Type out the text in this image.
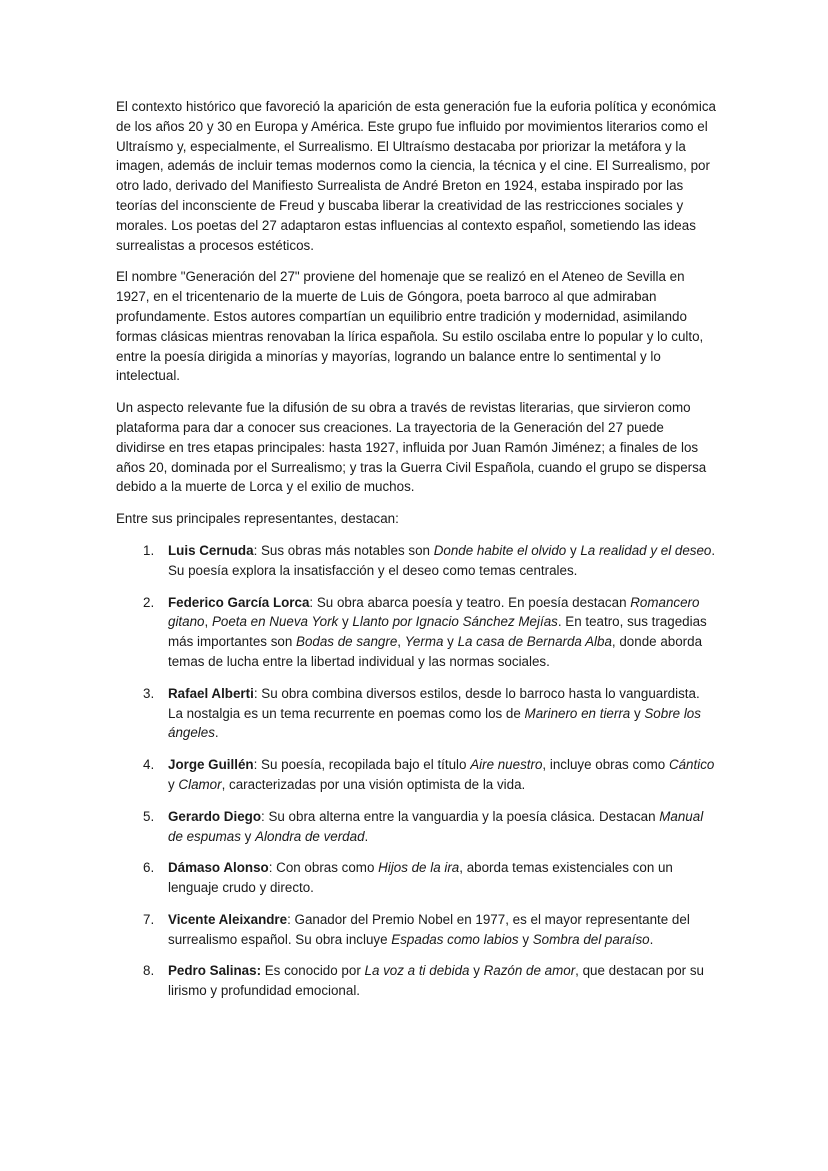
El contexto histórico que favoreció la aparición de esta generación fue la euforia política y económica de los años 20 y 30 en Europa y América. Este grupo fue influido por movimientos literarios como el Ultraísmo y, especialmente, el Surrealismo. El Ultraísmo destacaba por priorizar la metáfora y la imagen, además de incluir temas modernos como la ciencia, la técnica y el cine. El Surrealismo, por otro lado, derivado del Manifiesto Surrealista de André Breton en 1924, estaba inspirado por las teorías del inconsciente de Freud y buscaba liberar la creatividad de las restricciones sociales y morales. Los poetas del 27 adaptaron estas influencias al contexto español, sometiendo las ideas surrealistas a procesos estéticos.

El nombre "Generación del 27" proviene del homenaje que se realizó en el Ateneo de Sevilla en 1927, en el tricentenario de la muerte de Luis de Góngora, poeta barroco al que admiraban profundamente. Estos autores compartían un equilibrio entre tradición y modernidad, asimilando formas clásicas mientras renovaban la lírica española. Su estilo oscilaba entre lo popular y lo culto, entre la poesía dirigida a minorías y mayorías, logrando un balance entre lo sentimental y lo intelectual.

Un aspecto relevante fue la difusión de su obra a través de revistas literarias, que sirvieron como plataforma para dar a conocer sus creaciones. La trayectoria de la Generación del 27 puede dividirse en tres etapas principales: hasta 1927, influida por Juan Ramón Jiménez; a finales de los años 20, dominada por el Surrealismo; y tras la Guerra Civil Española, cuando el grupo se dispersa debido a la muerte de Lorca y el exilio de muchos.

Entre sus principales representantes, destacan:

1. Luis Cernuda: Sus obras más notables son Donde habite el olvido y La realidad y el deseo. Su poesía explora la insatisfacción y el deseo como temas centrales.
2. Federico García Lorca: Su obra abarca poesía y teatro. En poesía destacan Romancero gitano, Poeta en Nueva York y Llanto por Ignacio Sánchez Mejías. En teatro, sus tragedias más importantes son Bodas de sangre, Yerma y La casa de Bernarda Alba, donde aborda temas de lucha entre la libertad individual y las normas sociales.
3. Rafael Alberti: Su obra combina diversos estilos, desde lo barroco hasta lo vanguardista. La nostalgia es un tema recurrente en poemas como los de Marinero en tierra y Sobre los ángeles.
4. Jorge Guillén: Su poesía, recopilada bajo el título Aire nuestro, incluye obras como Cántico y Clamor, caracterizadas por una visión optimista de la vida.
5. Gerardo Diego: Su obra alterna entre la vanguardia y la poesía clásica. Destacan Manual de espumas y Alondra de verdad.
6. Dámaso Alonso: Con obras como Hijos de la ira, aborda temas existenciales con un lenguaje crudo y directo.
7. Vicente Aleixandre: Ganador del Premio Nobel en 1977, es el mayor representante del surrealismo español. Su obra incluye Espadas como labios y Sombra del paraíso.
8. Pedro Salinas: Es conocido por La voz a ti debida y Razón de amor, que destacan por su lirismo y profundidad emocional.
